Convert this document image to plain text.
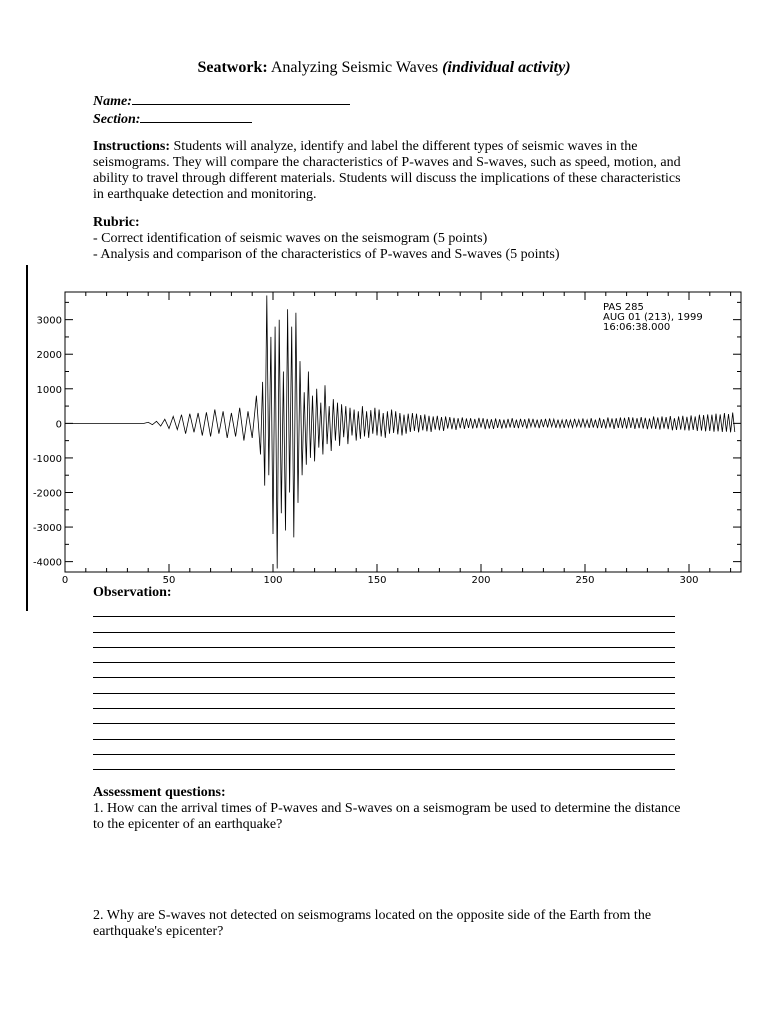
Seatwork: Analyzing Seismic Waves (individual activity)
Name:
Section:
Instructions: Students will analyze, identify and label the different types of seismic waves in the seismograms. They will compare the characteristics of P-waves and S-waves, such as speed, motion, and ability to travel through different materials. Students will discuss the implications of these characteristics in earthquake detection and monitoring.
Rubric:
- Correct identification of seismic waves on the seismogram (5 points)
- Analysis and comparison of the characteristics of P-waves and S-waves (5 points)
0	50	100	150	200	250	300
3000
2000
1000
0
-1000
-2000
-3000
-4000
PAS 285
AUG 01 (213), 1999
16:06:38.000
Observation:
Assessment questions:
1. How can the arrival times of P-waves and S-waves on a seismogram be used to determine the distance to the epicenter of an earthquake?
2. Why are S-waves not detected on seismograms located on the opposite side of the Earth from the earthquake's epicenter?
